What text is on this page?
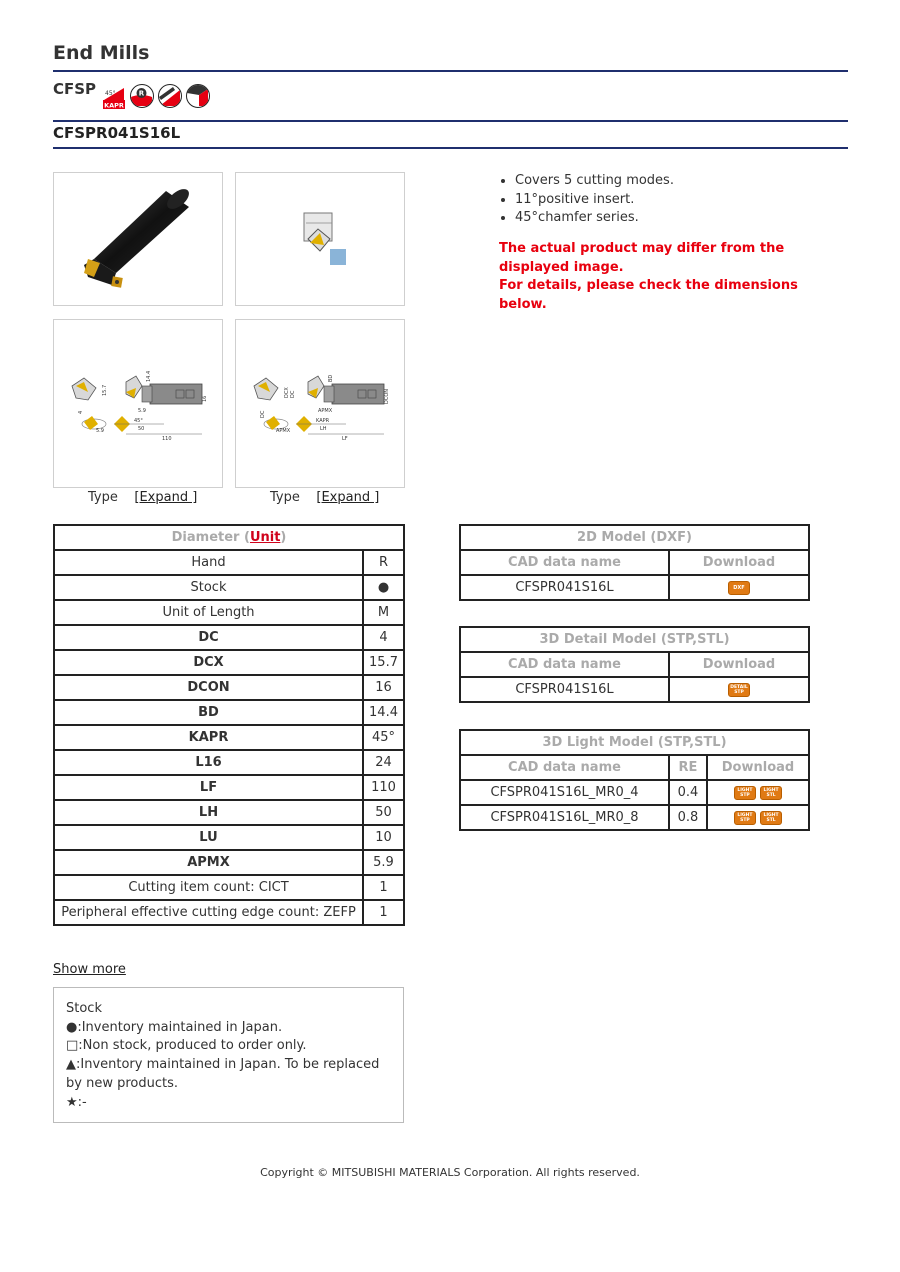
End Mills
CFSP 45°
KAPR
R
CFSPR041S16L
15.7
14.4
4	5.9
45°
50
110
16
5.9
DCX DC
BD
DC	APMX
KAPR
LH
LF
DCON
APMX
Type [Expand ]	Type [Expand ]
• Covers 5 cutting modes.
• 11°positive insert.
• 45°chamfer series.
The actual product may differ from the displayed image.
For details, please check the dimensions below.
Diameter (Unit)	
Hand	R
Stock	●
Unit of Length	M
DC	4
DCX	15.7
DCON	16
BD	14.4
KAPR	45°
L16	24
LF	110
LH	50
LU	10
APMX	5.9
Cutting item count: CICT	1
Peripheral effective cutting edge count: ZEFP	1
Show more
Stock
●:Inventory maintained in Japan.
□:Non stock, produced to order only.
▲:Inventory maintained in Japan. To be replaced by new products.
★:-
2D Model (DXF)	
CAD data name	Download
CFSPR041S16L	DXF
3D Detail Model (STP,STL)	
CAD data name	Download
CFSPR041S16L	DETAIL
STP
3D Light Model (STP,STL)		
CAD data name	RE	Download
CFSPR041S16L_MR0_4	0.4	LIGHT
STP

LIGHT
STL

CFSPR041S16L_MR0_8	0.8	LIGHT
STP

LIGHT
STL
Copyright © MITSUBISHI MATERIALS Corporation. All rights reserved.
